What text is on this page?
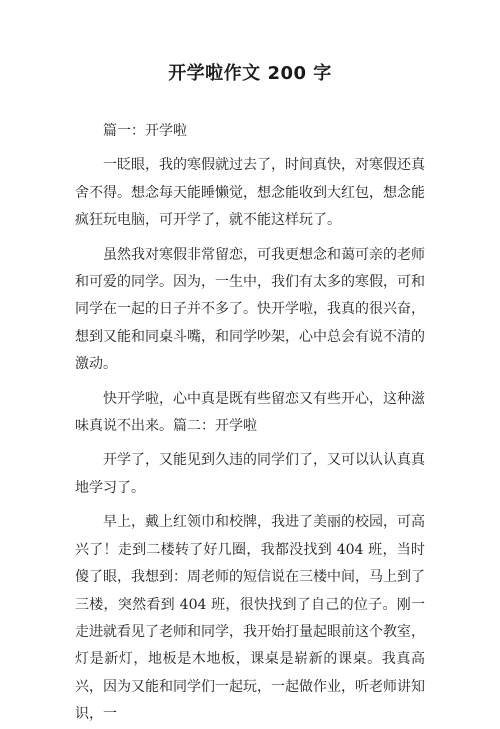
开学啦作文 200 字

篇一：开学啦

一眨眼，我的寒假就过去了，时间真快，对寒假还真舍不得。想念每天能睡懒觉，想念能收到大红包，想念能疯狂玩电脑，可开学了，就不能这样玩了。

虽然我对寒假非常留恋，可我更想念和蔼可亲的老师和可爱的同学。因为，一生中，我们有太多的寒假，可和同学在一起的日子并不多了。快开学啦，我真的很兴奋，想到又能和同桌斗嘴，和同学吵架，心中总会有说不清的激动。

快开学啦，心中真是既有些留恋又有些开心，这种滋味真说不出来。篇二：开学啦

开学了，又能见到久违的同学们了，又可以认认真真地学习了。

早上，戴上红领巾和校牌，我进了美丽的校园，可高兴了！走到二楼转了好几圈，我都没找到 404 班，当时傻了眼，我想到：周老师的短信说在三楼中间，马上到了三楼，突然看到 404 班，很快找到了自己的位子。刚一走进就看见了老师和同学，我开始打量起眼前这个教室，灯是新灯，地板是木地板，课桌是崭新的课桌。我真高兴，因为又能和同学们一起玩，一起做作业，听老师讲知识，一
